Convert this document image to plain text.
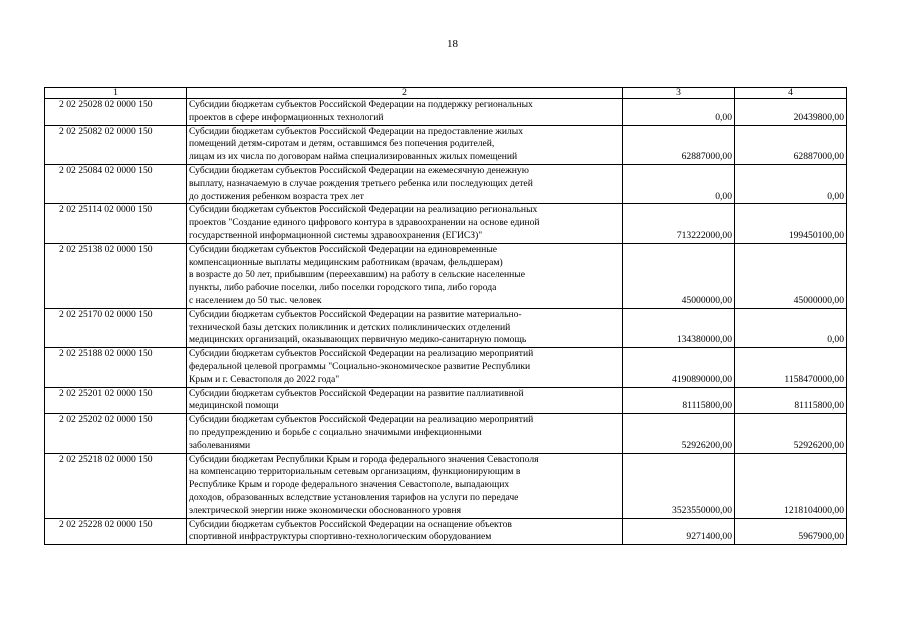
18
1	2	3	4
2 02 25028 02 0000 150	Субсидии бюджетам субъектов Российской Федерации на поддержку региональных
проектов в сфере информационных технологий	0,00	20439800,00
2 02 25082 02 0000 150	Субсидии бюджетам субъектов Российской Федерации на предоставление жилых
помещений детям-сиротам и детям, оставшимся без попечения родителей,
лицам из их числа по договорам найма специализированных жилых помещений	62887000,00	62887000,00
2 02 25084 02 0000 150	Субсидии бюджетам субъектов Российской Федерации на ежемесячную денежную
выплату, назначаемую в случае рождения третьего ребенка или последующих детей
до достижения ребенком возраста трех лет	0,00	0,00
2 02 25114 02 0000 150	Субсидии бюджетам субъектов Российской Федерации на реализацию региональных
проектов "Создание единого цифрового контура в здравоохранении на основе единой
государственной информационной системы здравоохранения (ЕГИСЗ)"	713222000,00	199450100,00
2 02 25138 02 0000 150	Субсидии бюджетам субъектов Российской Федерации на единовременные
компенсационные выплаты медицинским работникам (врачам, фельдшерам)
в возрасте до 50 лет, прибывшим (переехавшим) на работу в сельские населенные
пункты, либо рабочие поселки, либо поселки городского типа, либо города
с населением до 50 тыс. человек	45000000,00	45000000,00
2 02 25170 02 0000 150	Субсидии бюджетам субъектов Российской Федерации на развитие материально-
технической базы детских поликлиник и детских поликлинических отделений
медицинских организаций, оказывающих первичную медико-санитарную помощь	134380000,00	0,00
2 02 25188 02 0000 150	Субсидии бюджетам субъектов Российской Федерации на реализацию мероприятий
федеральной целевой программы "Социально-экономическое развитие Республики
Крым и г. Севастополя до 2022 года"	4190890000,00	1158470000,00
2 02 25201 02 0000 150	Субсидии бюджетам субъектов Российской Федерации на развитие паллиативной
медицинской помощи	81115800,00	81115800,00
2 02 25202 02 0000 150	Субсидии бюджетам субъектов Российской Федерации на реализацию мероприятий
по предупреждению и борьбе с социально значимыми инфекционными
заболеваниями	52926200,00	52926200,00
2 02 25218 02 0000 150	Субсидии бюджетам Республики Крым и города федерального значения Севастополя
на компенсацию территориальным сетевым организациям, функционирующим в
Республике Крым и городе федерального значения Севастополе, выпадающих
доходов, образованных вследствие установления тарифов на услуги по передаче
электрической энергии ниже экономически обоснованного уровня	3523550000,00	1218104000,00
2 02 25228 02 0000 150	Субсидии бюджетам субъектов Российской Федерации на оснащение объектов
спортивной инфраструктуры спортивно-технологическим оборудованием	9271400,00	5967900,00
